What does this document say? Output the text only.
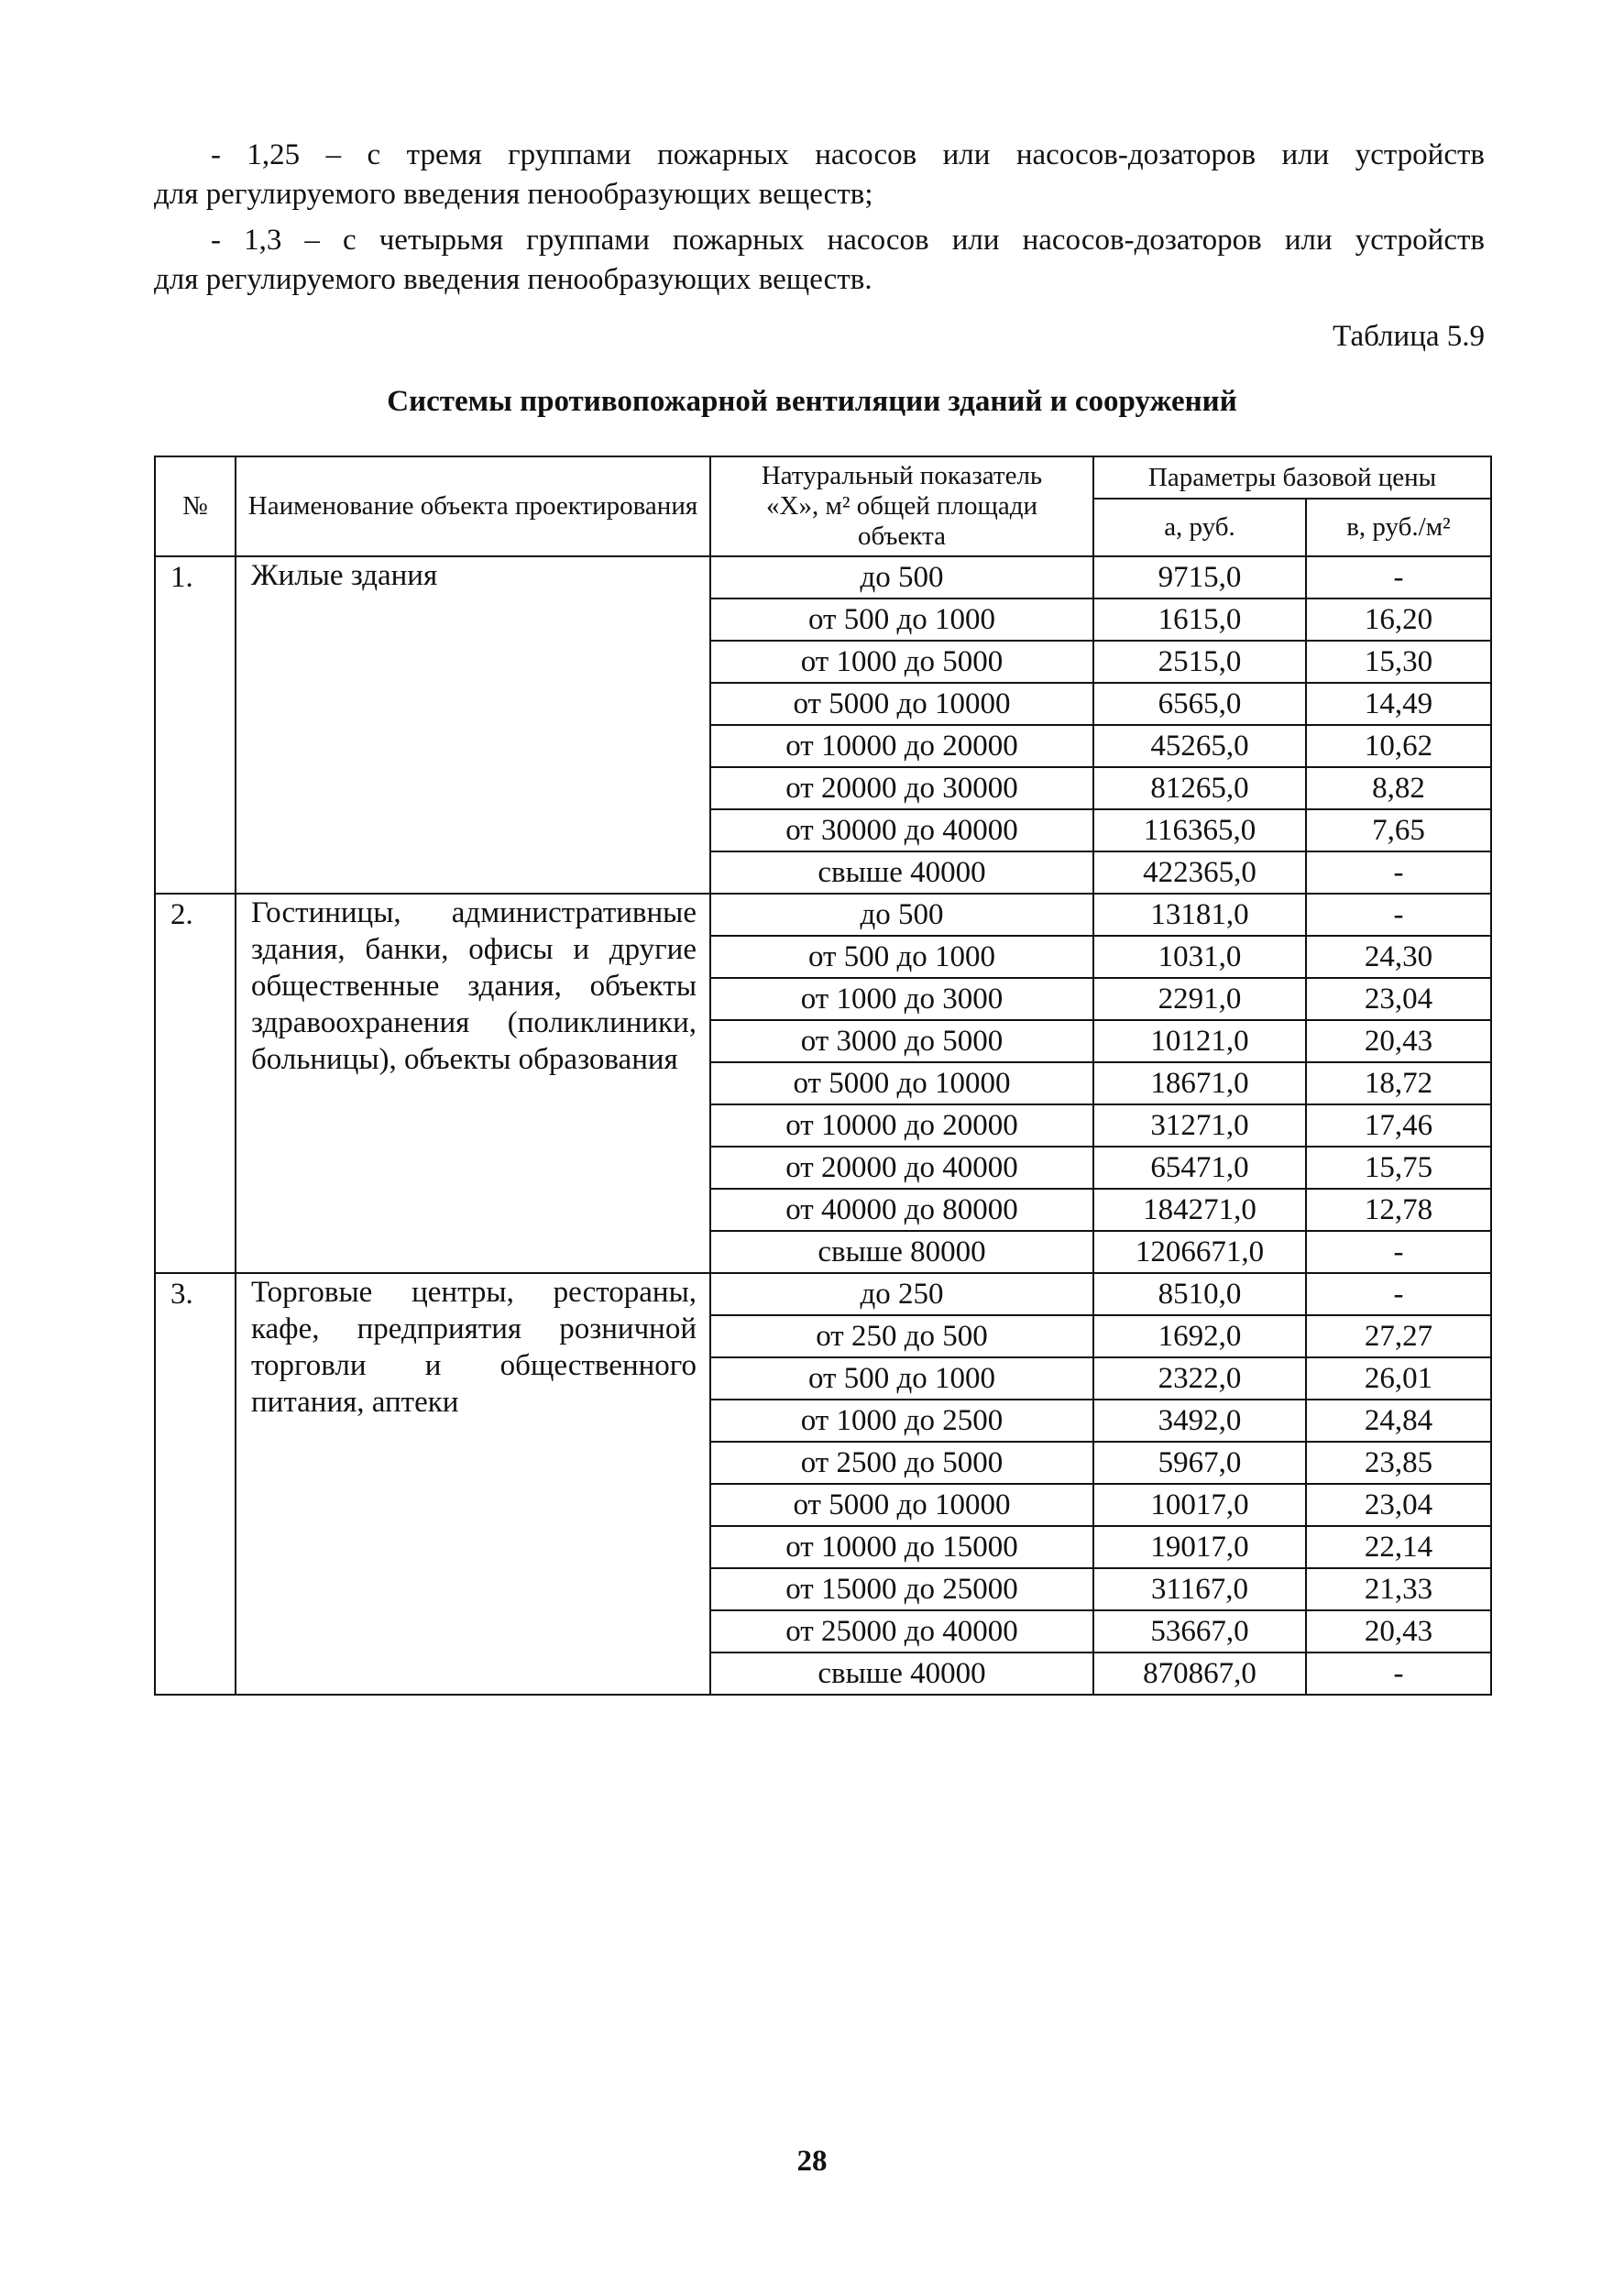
- 1,25 – с тремя группами пожарных насосов или насосов-дозаторов или устройств
для регулируемого введения пенообразующих веществ;
- 1,3 – с четырьмя группами пожарных насосов или насосов-дозаторов или устройств
для регулируемого введения пенообразующих веществ.
Таблица 5.9
Системы противопожарной вентиляции зданий и сооружений
№	Наименование объекта проектирования	Натуральный показатель «X», м² общей площади объекта	Параметры базовой цены	
			а, руб.	в, руб./м²
1.	Жилые здания	до 500	9715,0	-
		от 500 до 1000	1615,0	16,20
		от 1000 до 5000	2515,0	15,30
		от 5000 до 10000	6565,0	14,49
		от 10000 до 20000	45265,0	10,62
		от 20000 до 30000	81265,0	8,82
		от 30000 до 40000	116365,0	7,65
		свыше 40000	422365,0	-
2.	Гостиницы, административные здания, банки, офисы и другие общественные здания, объекты здравоохранения (поликлиники, больницы), объекты образования	до 500	13181,0	-
		от 500 до 1000	1031,0	24,30
		от 1000 до 3000	2291,0	23,04
		от 3000 до 5000	10121,0	20,43
		от 5000 до 10000	18671,0	18,72
		от 10000 до 20000	31271,0	17,46
		от 20000 до 40000	65471,0	15,75
		от 40000 до 80000	184271,0	12,78
		свыше 80000	1206671,0	-
3.	Торговые центры, рестораны, кафе, предприятия розничной торговли и общественного питания, аптеки	до 250	8510,0	-
		от 250 до 500	1692,0	27,27
		от 500 до 1000	2322,0	26,01
		от 1000 до 2500	3492,0	24,84
		от 2500 до 5000	5967,0	23,85
		от 5000 до 10000	10017,0	23,04
		от 10000 до 15000	19017,0	22,14
		от 15000 до 25000	31167,0	21,33
		от 25000 до 40000	53667,0	20,43
		свыше 40000	870867,0	-
28
